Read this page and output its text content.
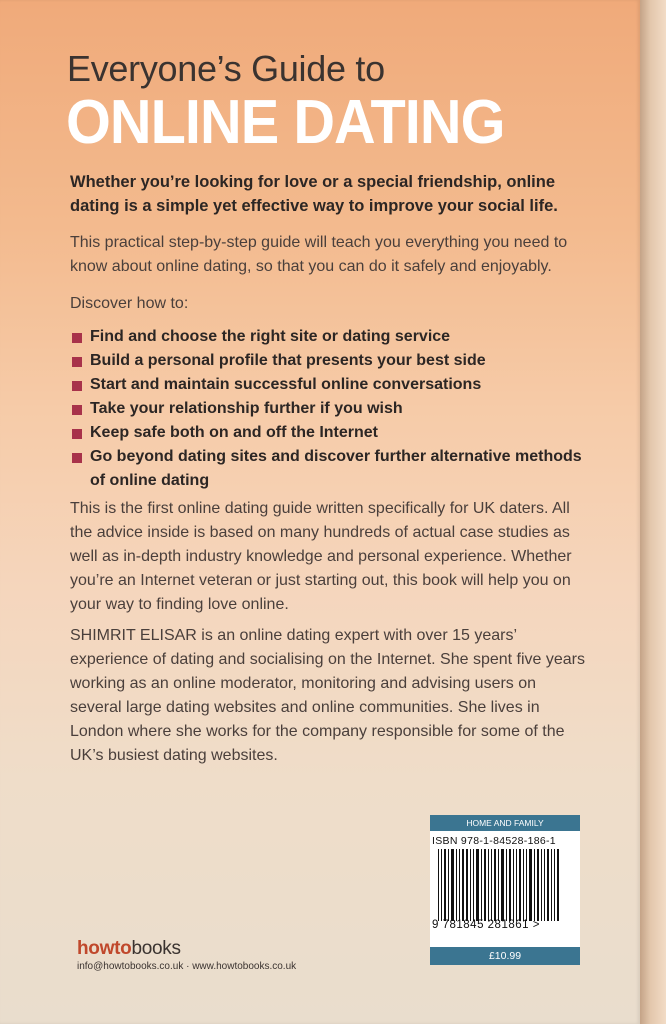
Everyone’s Guide to
ONLINE DATING
Whether you’re looking for love or a special friendship, online dating is a simple yet effective way to improve your social life.
This practical step-by-step guide will teach you everything you need to know about online dating, so that you can do it safely and enjoyably.
Discover how to:
Find and choose the right site or dating service
Build a personal profile that presents your best side
Start and maintain successful online conversations
Take your relationship further if you wish
Keep safe both on and off the Internet
Go beyond dating sites and discover further alternative methods of online dating
This is the first online dating guide written specifically for UK daters. All the advice inside is based on many hundreds of actual case studies as well as in-depth industry knowledge and personal experience. Whether you’re an Internet veteran or just starting out, this book will help you on your way to finding love online.
SHIMRIT ELISAR is an online dating expert with over 15 years’ experience of dating and socialising on the Internet. She spent five years working as an online moderator, monitoring and advising users on several large dating websites and online communities. She lives in London where she works for the company responsible for some of the UK’s busiest dating websites.
HOME AND FAMILY
ISBN 978-1-84528-186-1
9 781845 281861 >
£10.99
howtobooks
info@howtobooks.co.uk · www.howtobooks.co.uk
